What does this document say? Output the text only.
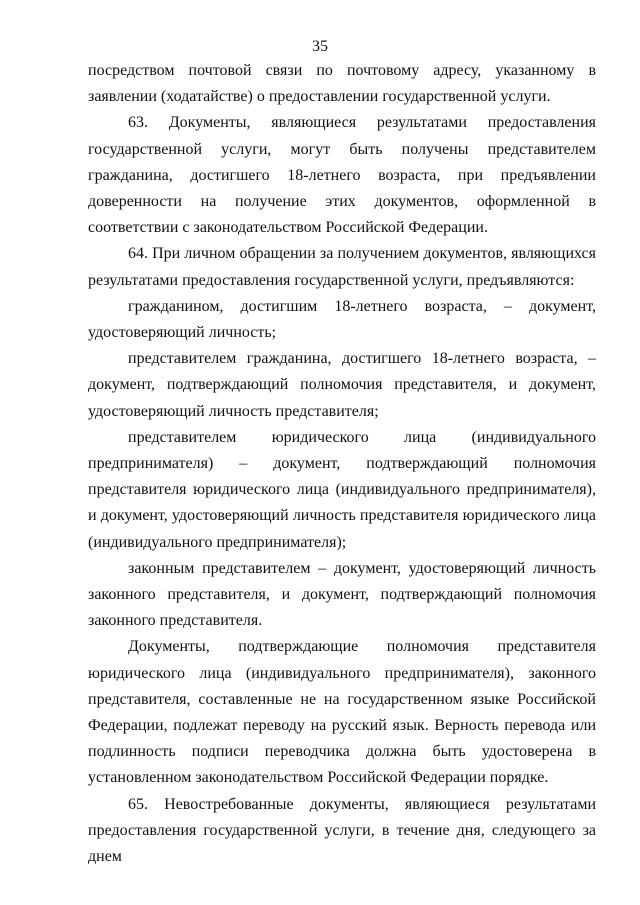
35

посредством почтовой связи по почтовому адресу, указанному в заявлении (ходатайстве) о предоставлении государственной услуги.

63. Документы, являющиеся результатами предоставления государственной услуги, могут быть получены представителем гражданина, достигшего 18-летнего возраста, при предъявлении доверенности на получение этих документов, оформленной в соответствии с законодательством Российской Федерации.

64. При личном обращении за получением документов, являющихся результатами предоставления государственной услуги, предъявляются:

гражданином, достигшим 18-летнего возраста, – документ, удостоверяющий личность;

представителем гражданина, достигшего 18-летнего возраста, – документ, подтверждающий полномочия представителя, и документ, удостоверяющий личность представителя;

представителем юридического лица (индивидуального предпринимателя) – документ, подтверждающий полномочия представителя юридического лица (индивидуального предпринимателя), и документ, удостоверяющий личность представителя юридического лица (индивидуального предпринимателя);

законным представителем – документ, удостоверяющий личность законного представителя, и документ, подтверждающий полномочия законного представителя.

Документы, подтверждающие полномочия представителя юридического лица (индивидуального предпринимателя), законного представителя, составленные не на государственном языке Российской Федерации, подлежат переводу на русский язык. Верность перевода или подлинность подписи переводчика должна быть удостоверена в установленном законодательством Российской Федерации порядке.

65. Невостребованные документы, являющиеся результатами предоставления государственной услуги, в течение дня, следующего за днем
